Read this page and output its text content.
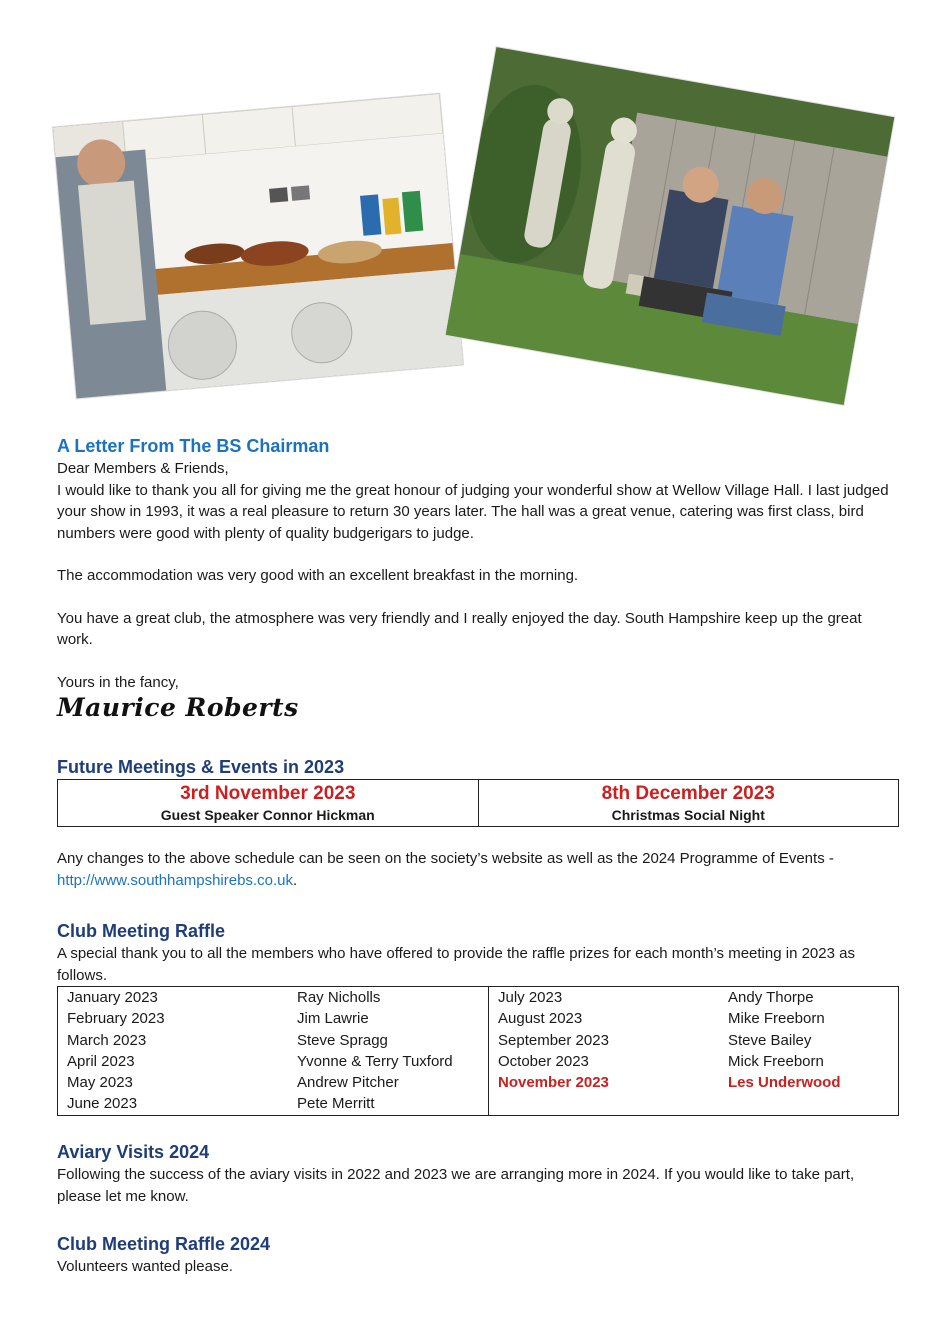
A Letter From The BS Chairman

Dear Members & Friends,

I would like to thank you all for giving me the great honour of judging your wonderful show at Wellow Village Hall. I last judged your show in 1993, it was a real pleasure to return 30 years later. The hall was a great venue, catering was first class, bird numbers were good with plenty of quality budgerigars to judge.

The accommodation was very good with an excellent breakfast in the morning.

You have a great club, the atmosphere was very friendly and I really enjoyed the day. South Hampshire keep up the great work.

Yours in the fancy,

Maurice Roberts
Future Meetings & Events in 2023
3rd November 2023
Guest Speaker Connor Hickman

8th December 2023
Christmas Social Night

Any changes to the above schedule can be seen on the society’s website as well as the 2024 Programme of Events -
http://www.southhampshirebs.co.uk.

Club Meeting Raffle

A special thank you to all the members who have offered to provide the raffle prizes for each month’s meeting in 2023 as follows.

January 2023	Ray Nicholls	July 2023	Andy Thorpe
February 2023	Jim Lawrie	August 2023	Mike Freeborn
March 2023	Steve Spragg	September 2023	Steve Bailey
April 2023	Yvonne & Terry Tuxford	October 2023	Mick Freeborn
May 2023	Andrew Pitcher	November 2023	Les Underwood
June 2023	Pete Merritt		
Aviary Visits 2024

Following the success of the aviary visits in 2022 and 2023 we are arranging more in 2024. If you would like to take part, please let me know.

Club Meeting Raffle 2024

Volunteers wanted please.
